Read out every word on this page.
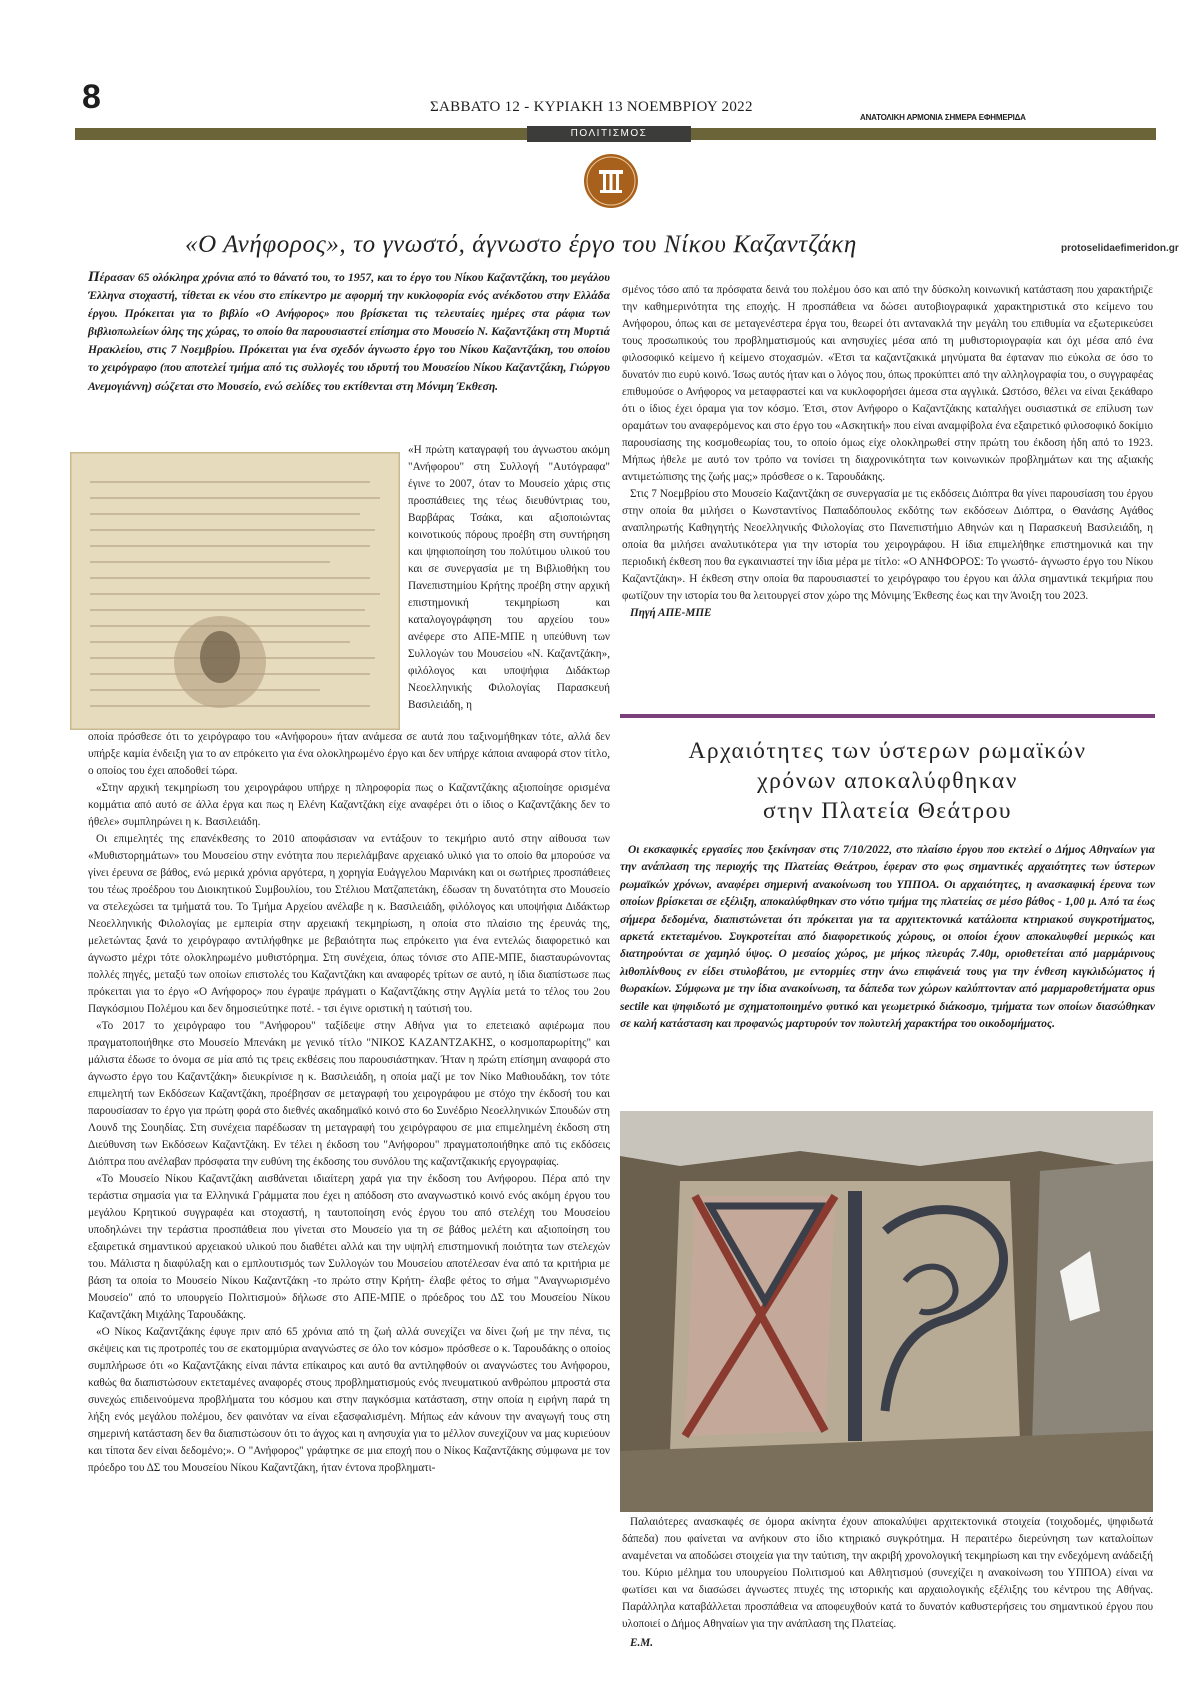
8	ΣΑΒΒΑΤΟ 12 - ΚΥΡΙΑΚΗ 13 ΝΟΕΜΒΡΙΟΥ 2022
ΑΝΑΤΟΛΙΚΗ ΑΡΜΟΝΙΑ ΣΗΜΕΡΑ ΕΦΗΜΕΡΙΔΑ
ΠΟΛΙΤΙΣΜΟΣ
«Ο Ανήφορος», το γνωστό, άγνωστο έργο του Νίκου Καζαντζάκη	protoselidaefimeridon.gr

Πέρασαν 65 ολόκληρα χρόνια από το θάνατό του, το 1957, και το έργο του Νίκου Καζαντζάκη, του μεγάλου Έλληνα στοχαστή, τίθεται εκ νέου στο επίκεντρο με αφορμή την κυκλοφορία ενός ανέκδοτου στην Ελλάδα έργου. Πρόκειται για το βιβλίο «Ο Ανήφορος» που βρίσκεται τις τελευταίες ημέρες στα ράφια των βιβλιοπωλείων όλης της χώρας, το οποίο θα παρουσιαστεί επίσημα στο Μουσείο Ν. Καζαντζάκη στη Μυρτιά Ηρακλείου, στις 7 Νοεμβρίου. Πρόκειται για ένα σχεδόν άγνωστο έργο του Νίκου Καζαντζάκη, του οποίου το χειρόγραφο (που αποτελεί τμήμα από τις συλλογές του ιδρυτή του Μουσείου Νίκου Καζαντζάκη, Γιώργου Ανεμογιάννη) σώζεται στο Μουσείο, ενώ σελίδες του εκτίθενται στη Μόνιμη Έκθεση.

«Η πρώτη καταγραφή του άγνωστου ακόμη "Ανήφορου" στη Συλλογή "Αυτόγραφα" έγινε το 2007, όταν το Μουσείο χάρις στις προσπάθειες της τέως διευθύντριας του, Βαρβάρας Τσάκα, και αξιοποιώντας κοινοτικούς πόρους προέβη στη συντήρηση και ψηφιοποίηση του πολύτιμου υλικού του και σε συνεργασία με τη Βιβλιοθήκη του Πανεπιστημίου Κρήτης προέβη στην αρχική επιστημονική τεκμηρίωση και καταλογογράφηση του αρχείου του» ανέφερε στο ΑΠΕ-ΜΠΕ η υπεύθυνη των Συλλογών του Μουσείου «Ν. Καζαντζάκη», φιλόλογος και υποψήφια Διδάκτωρ Νεοελληνικής Φιλολογίας Παρασκευή Βασιλειάδη, η

οποία πρόσθεσε ότι το χειρόγραφο του «Ανήφορου» ήταν ανάμεσα σε αυτά που ταξινομήθηκαν τότε, αλλά δεν υπήρξε καμία ένδειξη για το αν επρόκειτο για ένα ολοκληρωμένο έργο και δεν υπήρχε κάποια αναφορά στον τίτλο, ο οποίος του έχει αποδοθεί τώρα.

«Στην αρχική τεκμηρίωση του χειρογράφου υπήρχε η πληροφορία πως ο Καζαντζάκης αξιοποίησε ορισμένα κομμάτια από αυτό σε άλλα έργα και πως η Ελένη Καζαντζάκη είχε αναφέρει ότι ο ίδιος ο Καζαντζάκης δεν το ήθελε» συμπληρώνει η κ. Βασιλειάδη.

Οι επιμελητές της επανέκθεσης το 2010 αποφάσισαν να εντάξουν το τεκμήριο αυτό στην αίθουσα των «Μυθιστορημάτων» του Μουσείου στην ενότητα που περιελάμβανε αρχειακό υλικό για το οποίο θα μπορούσε να γίνει έρευνα σε βάθος, ενώ μερικά χρόνια αργότερα, η χορηγία Ευάγγελου Μαρινάκη και οι σωτήριες προσπάθειες του τέως προέδρου του Διοικητικού Συμβουλίου, του Στέλιου Ματζαπετάκη, έδωσαν τη δυνατότητα στο Μουσείο να στελεχώσει τα τμήματά του. Το Τμήμα Αρχείου ανέλαβε η κ. Βασιλειάδη, φιλόλογος και υποψήφια Διδάκτωρ Νεοελληνικής Φιλολογίας με εμπειρία στην αρχειακή τεκμηρίωση, η οποία στο πλαίσιο της έρευνάς της, μελετώντας ξανά το χειρόγραφο αντιλήφθηκε με βεβαιότητα πως επρόκειτο για ένα εντελώς διαφορετικό και άγνωστο μέχρι τότε ολοκληρωμένο μυθιστόρημα. Στη συνέχεια, όπως τόνισε στο ΑΠΕ-ΜΠΕ, διασταυρώνοντας πολλές πηγές, μεταξύ των οποίων επιστολές του Καζαντζάκη και αναφορές τρίτων σε αυτό, η ίδια διαπίστωσε πως πρόκειται για το έργο «Ο Ανήφορος» που έγραψε πράγματι ο Καζαντζάκης στην Αγγλία μετά το τέλος του 2ου Παγκόσμιου Πολέμου και δεν δημοσιεύτηκε ποτέ. - τσι έγινε οριστική η ταύτισή του.

«Το 2017 το χειρόγραφο του "Ανήφορου" ταξίδεψε στην Αθήνα για το επετειακό αφιέρωμα που πραγματοποιήθηκε στο Μουσείο Μπενάκη με γενικό τίτλο "ΝΙΚΟΣ ΚΑΖΑΝΤΖΑΚΗΣ, ο κοσμοπαρωρίτης" και μάλιστα έδωσε το όνομα σε μία από τις τρεις εκθέσεις που παρουσιάστηκαν. Ήταν η πρώτη επίσημη αναφορά στο άγνωστο έργο του Καζαντζάκη» διευκρίνισε η κ. Βασιλειάδη, η οποία μαζί με τον Νίκο Μαθιουδάκη, τον τότε επιμελητή των Εκδόσεων Καζαντζάκη, προέβησαν σε μεταγραφή του χειρογράφου με στόχο την έκδοσή του και παρουσίασαν το έργο για πρώτη φορά στο διεθνές ακαδημαϊκό κοινό στο 6ο Συνέδριο Νεοελληνικών Σπουδών στη Λουνδ της Σουηδίας. Στη συνέχεια παρέδωσαν τη μεταγραφή του χειρόγραφου σε μια επιμελημένη έκδοση στη Διεύθυνση των Εκδόσεων Καζαντζάκη. Εν τέλει η έκδοση του "Ανήφορου" πραγματοποιήθηκε από τις εκδόσεις Διόπτρα που ανέλαβαν πρόσφατα την ευθύνη της έκδοσης του συνόλου της καζαντζακικής εργογραφίας.

«Το Μουσείο Νίκου Καζαντζάκη αισθάνεται ιδιαίτερη χαρά για την έκδοση του Ανήφορου. Πέρα από την τεράστια σημασία για τα Ελληνικά Γράμματα που έχει η απόδοση στο αναγνωστικό κοινό ενός ακόμη έργου του μεγάλου Κρητικού συγγραφέα και στοχαστή, η ταυτοποίηση ενός έργου του από στελέχη του Μουσείου υποδηλώνει την τεράστια προσπάθεια που γίνεται στο Μουσείο για τη σε βάθος μελέτη και αξιοποίηση του εξαιρετικά σημαντικού αρχειακού υλικού που διαθέτει αλλά και την υψηλή επιστημονική ποιότητα των στελεχών του. Μάλιστα η διαφύλαξη και ο εμπλουτισμός των Συλλογών του Μουσείου αποτέλεσαν ένα από τα κριτήρια με βάση τα οποία το Μουσείο Νίκου Καζαντζάκη -το πρώτο στην Κρήτη- έλαβε φέτος το σήμα "Αναγνωρισμένο Μουσείο" από το υπουργείο Πολιτισμού» δήλωσε στο ΑΠΕ-ΜΠΕ ο πρόεδρος του ΔΣ του Μουσείου Νίκου Καζαντζάκη Μιχάλης Ταρουδάκης.

«Ο Νίκος Καζαντζάκης έφυγε πριν από 65 χρόνια από τη ζωή αλλά συνεχίζει να δίνει ζωή με την πένα, τις σκέψεις και τις προτροπές του σε εκατομμύρια αναγνώστες σε όλο τον κόσμο» πρόσθεσε ο κ. Ταρουδάκης ο οποίος συμπλήρωσε ότι «ο Καζαντζάκης είναι πάντα επίκαιρος και αυτό θα αντιληφθούν οι αναγνώστες του Ανήφορου, καθώς θα διαπιστώσουν εκτεταμένες αναφορές στους προβληματισμούς ενός πνευματικού ανθρώπου μπροστά στα συνεχώς επιδεινούμενα προβλήματα του κόσμου και στην παγκόσμια κατάσταση, στην οποία η ειρήνη παρά τη λήξη ενός μεγάλου πολέμου, δεν φαινόταν να είναι εξασφαλισμένη. Μήπως εάν κάνουν την αναγωγή τους στη σημερινή κατάσταση δεν θα διαπιστώσουν ότι το άγχος και η ανησυχία για το μέλλον συνεχίζουν να μας κυριεύουν και τίποτα δεν είναι δεδομένο;». Ο "Ανήφορος" γράφτηκε σε μια εποχή που ο Νίκος Καζαντζάκης σύμφωνα με τον πρόεδρο του ΔΣ του Μουσείου Νίκου Καζαντζάκη, ήταν έντονα προβληματι-

σμένος τόσο από τα πρόσφατα δεινά του πολέμου όσο και από την δύσκολη κοινωνική κατάσταση που χαρακτήριζε την καθημερινότητα της εποχής. Η προσπάθεια να δώσει αυτοβιογραφικά χαρακτηριστικά στο κείμενο του Ανήφορου, όπως και σε μεταγενέστερα έργα του, θεωρεί ότι αντανακλά την μεγάλη του επιθυμία να εξωτερικεύσει τους προσωπικούς του προβληματισμούς και ανησυχίες μέσα από τη μυθιστοριογραφία και όχι μέσα από ένα φιλοσοφικό κείμενο ή κείμενο στοχασμών. «Έτσι τα καζαντζακικά μηνύματα θα έφταναν πιο εύκολα σε όσο το δυνατόν πιο ευρύ κοινό. Ίσως αυτός ήταν και ο λόγος που, όπως προκύπτει από την αλληλογραφία του, ο συγγραφέας επιθυμούσε ο Ανήφορος να μεταφραστεί και να κυκλοφορήσει άμεσα στα αγγλικά. Ωστόσο, θέλει να είναι ξεκάθαρο ότι ο ίδιος έχει όραμα για τον κόσμο. Έτσι, στον Ανήφορο ο Καζαντζάκης καταλήγει ουσιαστικά σε επίλυση των οραμάτων του αναφερόμενος και στο έργο του «Ασκητική» που είναι αναμφίβολα ένα εξαιρετικό φιλοσοφικό δοκίμιο παρουσίασης της κοσμοθεωρίας του, το οποίο όμως είχε ολοκληρωθεί στην πρώτη του έκδοση ήδη από το 1923. Μήπως ήθελε με αυτό τον τρόπο να τονίσει τη διαχρονικότητα των κοινωνικών προβλημάτων και της αξιακής αντιμετώπισης της ζωής μας;» πρόσθεσε ο κ. Ταρουδάκης.

Στις 7 Νοεμβρίου στο Μουσείο Καζαντζάκη σε συνεργασία με τις εκδόσεις Διόπτρα θα γίνει παρουσίαση του έργου στην οποία θα μιλήσει ο Κωνσταντίνος Παπαδόπουλος εκδότης των εκδόσεων Διόπτρα, ο Θανάσης Αγάθος αναπληρωτής Καθηγητής Νεοελληνικής Φιλολογίας στο Πανεπιστήμιο Αθηνών και η Παρασκευή Βασιλειάδη, η οποία θα μιλήσει αναλυτικότερα για την ιστορία του χειρογράφου. Η ίδια επιμελήθηκε επιστημονικά και την περιοδική έκθεση που θα εγκαινιαστεί την ίδια μέρα με τίτλο: «Ο ΑΝΗΦΟΡΟΣ: Το γνωστό- άγνωστο έργο του Νίκου Καζαντζάκη». Η έκθεση στην οποία θα παρουσιαστεί το χειρόγραφο του έργου και άλλα σημαντικά τεκμήρια που φωτίζουν την ιστορία του θα λειτουργεί στον χώρο της Μόνιμης Έκθεσης έως και την Άνοιξη του 2023.

Πηγή ΑΠΕ-ΜΠΕ

Αρχαιότητες των ύστερων ρωμαϊκών
χρόνων αποκαλύφθηκαν
στην Πλατεία Θεάτρου

Οι εκσκαφικές εργασίες που ξεκίνησαν στις 7/10/2022, στο πλαίσιο έργου που εκτελεί ο Δήμος Αθηναίων για την ανάπλαση της περιοχής της Πλατείας Θεάτρου, έφεραν στο φως σημαντικές αρχαιότητες των ύστερων ρωμαϊκών χρόνων, αναφέρει σημερινή ανακοίνωση του ΥΠΠΟΑ. Οι αρχαιότητες, η ανασκαφική έρευνα των οποίων βρίσκεται σε εξέλιξη, αποκαλύφθηκαν στο νότιο τμήμα της πλατείας σε μέσο βάθος - 1,00 μ. Από τα έως σήμερα δεδομένα, διαπιστώνεται ότι πρόκειται για τα αρχιτεκτονικά κατάλοιπα κτηριακού συγκροτήματος, αρκετά εκτεταμένου. Συγκροτείται από διαφορετικούς χώρους, οι οποίοι έχουν αποκαλυφθεί μερικώς και διατηρούνται σε χαμηλό ύψος. Ο μεσαίος χώρος, με μήκος πλευράς 7.40μ, οριοθετείται από μαρμάρινους λιθοπλίνθους εν είδει στυλοβάτου, με εντορμίες στην άνω επιφάνειά τους για την ένθεση κιγκλιδώματος ή θωρακίων. Σύμφωνα με την ίδια ανακοίνωση, τα δάπεδα των χώρων καλύπτονταν από μαρμαροθετήματα opus sectile και ψηφιδωτό με σχηματοποιημένο φυτικό και γεωμετρικό διάκοσμο, τμήματα των οποίων διασώθηκαν σε καλή κατάσταση και προφανώς μαρτυρούν τον πολυτελή χαρακτήρα του οικοδομήματος.

Παλαιότερες ανασκαφές σε όμορα ακίνητα έχουν αποκαλύψει αρχιτεκτονικά στοιχεία (τοιχοδομές, ψηφιδωτά δάπεδα) που φαίνεται να ανήκουν στο ίδιο κτηριακό συγκρότημα. Η περαιτέρω διερεύνηση των καταλοίπων αναμένεται να αποδώσει στοιχεία για την ταύτιση, την ακριβή χρονολογική τεκμηρίωση και την ενδεχόμενη ανάδειξή του. Κύριο μέλημα του υπουργείου Πολιτισμού και Αθλητισμού (συνεχίζει η ανακοίνωση του ΥΠΠΟΑ) είναι να φωτίσει και να διασώσει άγνωστες πτυχές της ιστορικής και αρχαιολογικής εξέλιξης του κέντρου της Αθήνας. Παράλληλα καταβάλλεται προσπάθεια να αποφευχθούν κατά το δυνατόν καθυστερήσεις του σημαντικού έργου που υλοποιεί ο Δήμος Αθηναίων για την ανάπλαση της Πλατείας.

Ε.Μ.
